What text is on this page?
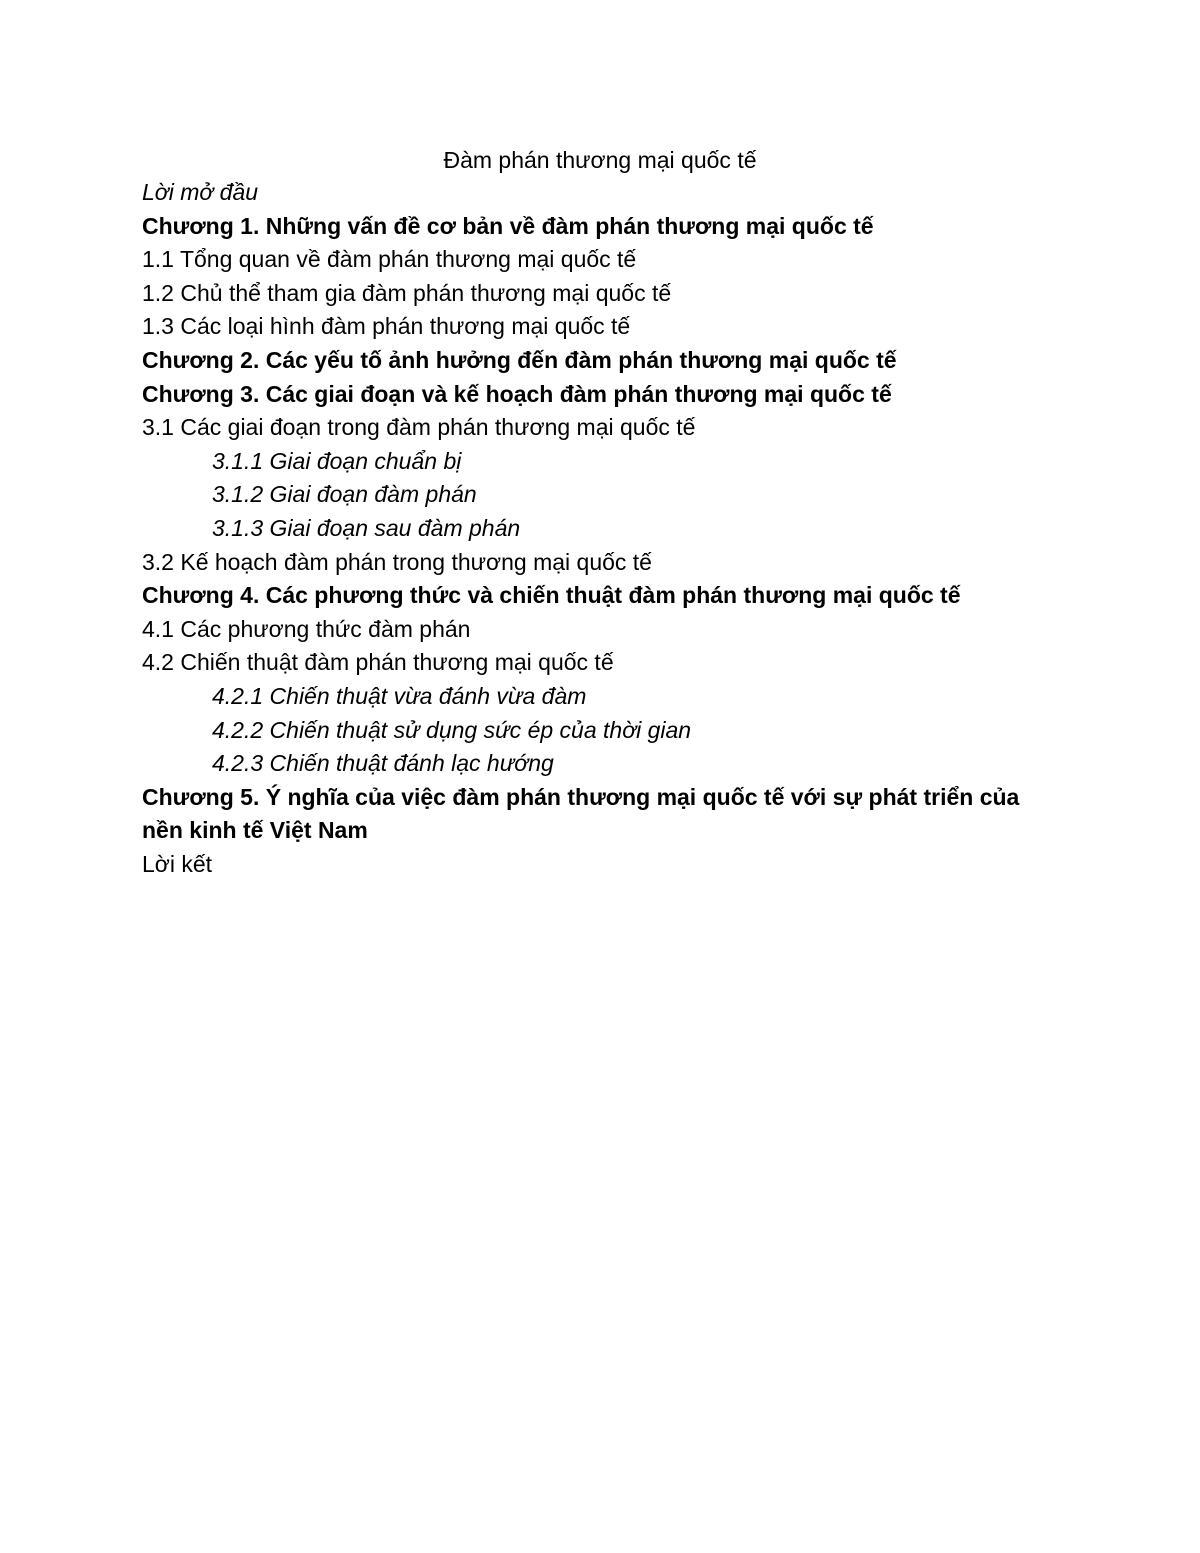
Đàm phán thương mại quốc tế
Lời mở đầu
Chương 1. Những vấn đề cơ bản về đàm phán thương mại quốc tế
1.1 Tổng quan về đàm phán thương mại quốc tế
1.2 Chủ thể tham gia đàm phán thương mại quốc tế
1.3 Các loại hình đàm phán thương mại quốc tế
Chương 2. Các yếu tố ảnh hưởng đến đàm phán thương mại quốc tế
Chương 3. Các giai đoạn và kế hoạch đàm phán thương mại quốc tế
3.1 Các giai đoạn trong đàm phán thương mại quốc tế
3.1.1 Giai đoạn chuẩn bị
3.1.2 Giai đoạn đàm phán
3.1.3 Giai đoạn sau đàm phán
3.2 Kế hoạch đàm phán trong thương mại quốc tế
Chương 4. Các phương thức và chiến thuật đàm phán thương mại quốc tế
4.1 Các phương thức đàm phán
4.2 Chiến thuật đàm phán thương mại quốc tế
4.2.1 Chiến thuật vừa đánh vừa đàm
4.2.2 Chiến thuật sử dụng sức ép của thời gian
4.2.3 Chiến thuật đánh lạc hướng
Chương 5. Ý nghĩa của việc đàm phán thương mại quốc tế với sự phát triển của nền kinh tế Việt Nam
Lời kết
